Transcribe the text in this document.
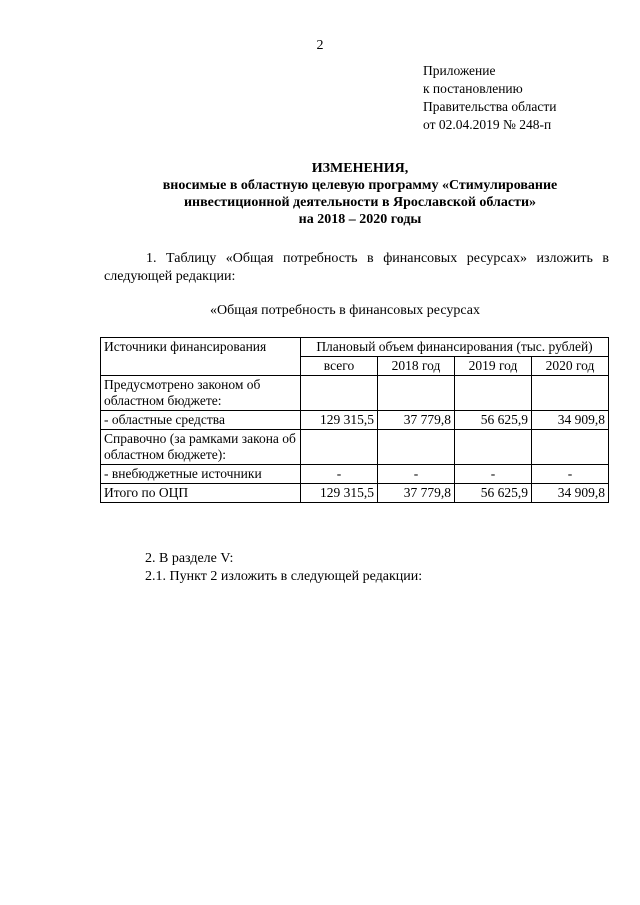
2
Приложение
к постановлению
Правительства области
от 02.04.2019 № 248-п
ИЗМЕНЕНИЯ,
вносимые в областную целевую программу «Стимулирование
инвестиционной деятельности в Ярославской области»
на 2018 – 2020 годы
1. Таблицу «Общая потребность в финансовых ресурсах» изложить в следующей редакции:
«Общая потребность в финансовых ресурсах
Источники финансирования	Плановый объем финансирования (тыс. рублей)			
	всего	2018 год	2019 год	2020 год
Предусмотрено законом об областном бюджете:				
- областные средства	129 315,5	37 779,8	56 625,9	34 909,8
Справочно (за рамками закона об областном бюджете):				
- внебюджетные источники	-	-	-	-
Итого по ОЦП	129 315,5	37 779,8	56 625,9	34 909,8
2. В разделе V:
2.1. Пункт 2 изложить в следующей редакции:
